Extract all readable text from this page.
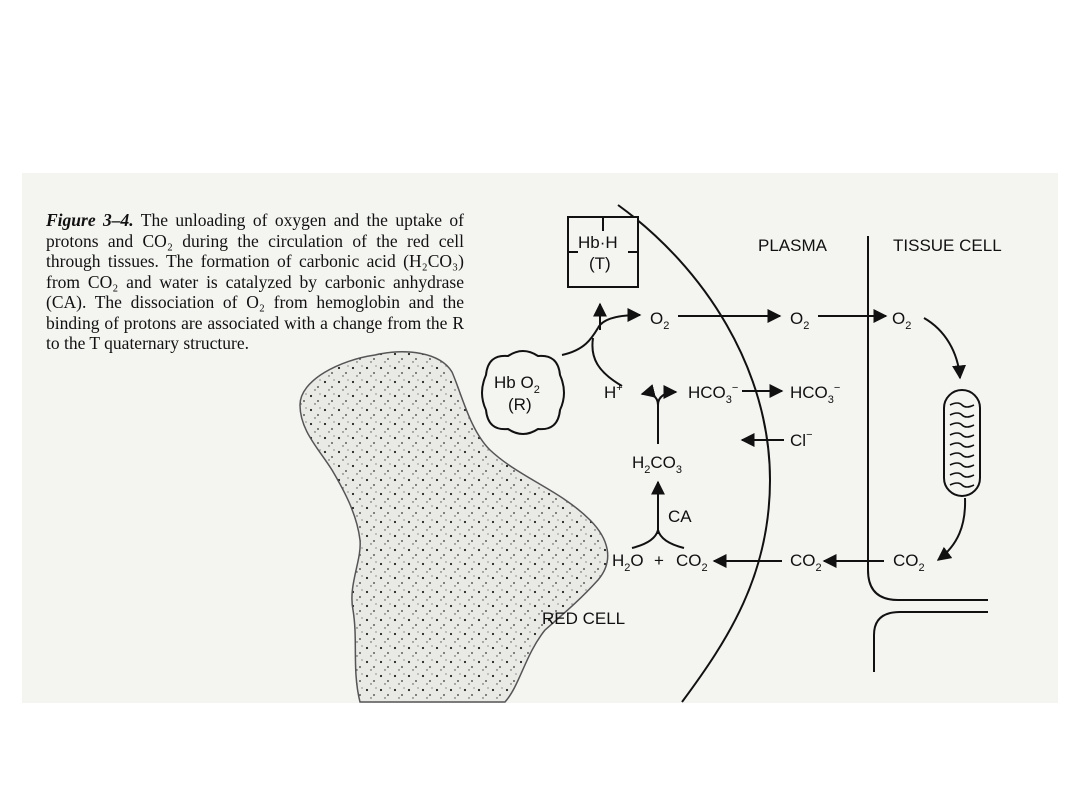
Figure 3–4. The unloading of oxygen and the uptake of protons and CO₂ during the circulation of the red cell through tissues. The formation of carbonic acid (H₂CO₃) from CO₂ and water is catalyzed by carbonic anhydrase (CA). The dissociation of O₂ from hemoglobin and the binding of protons are associated with a change from the R to the T quaternary structure.
PLASMA	TISSUE CELL
RED CELL
Hb·H
(T)
Hb $O_2$
(R)
$O_2$	$O_2$	$O_2$
H+	$HCO_3^-$	$HCO_3^-$
Cl−
$H_2CO_3$
CA
$H_2O + CO_2$	$CO_2$	$CO_2$
